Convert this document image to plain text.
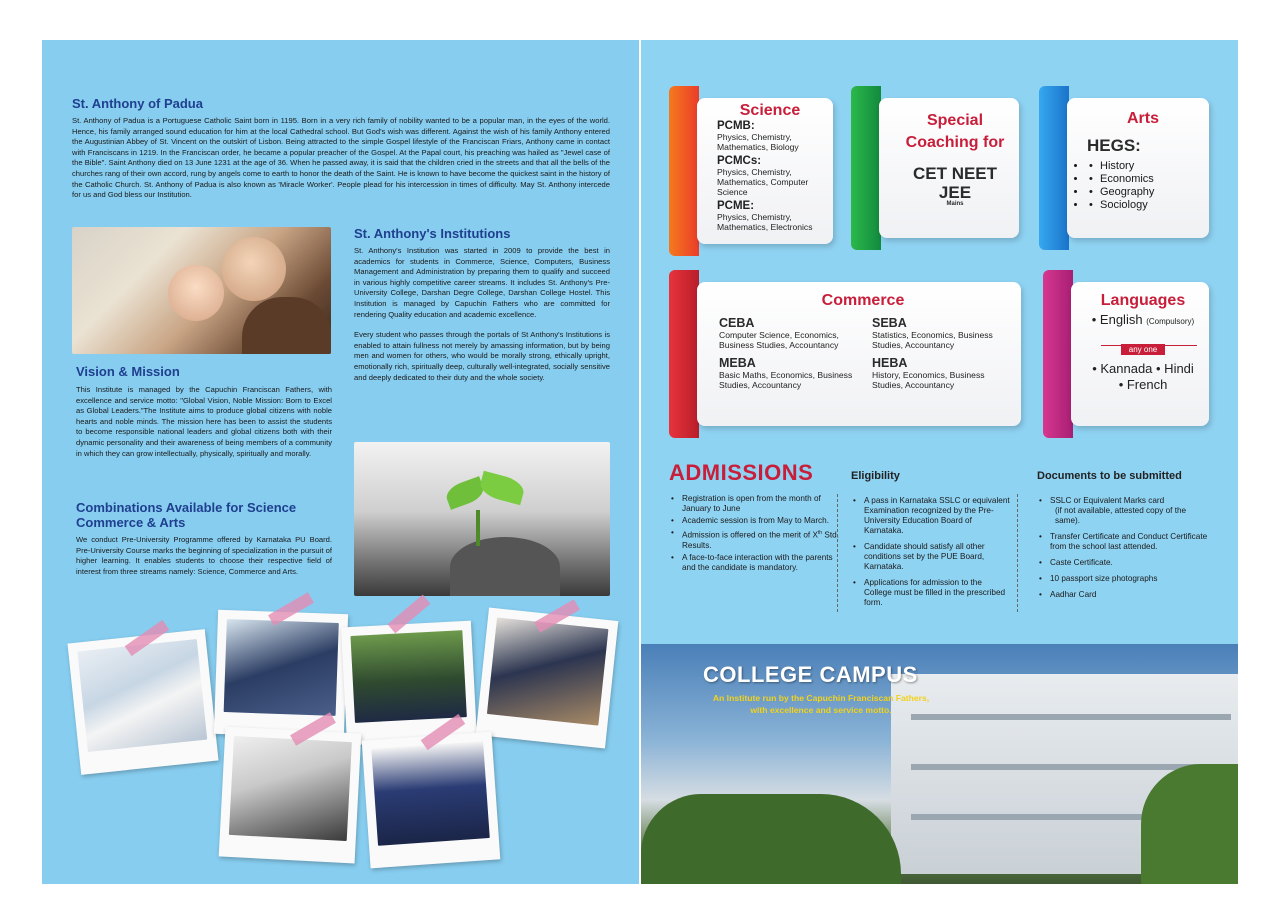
St. Anthony of Padua
St. Anthony of Padua is a Portuguese Catholic Saint born in 1195. Born in a very rich family of nobility wanted to be a popular man, in the eyes of the world. Hence, his family arranged sound education for him at the local Cathedral school. But God's wish was different. Against the wish of his family Anthony entered the Augustinian Abbey of St. Vincent on the outskirt of Lisbon. Being attracted to the simple Gospel lifestyle of the Franciscan Friars, Anthony came in contact with Franciscans in 1219. In the Franciscan order, he became a popular preacher of the Gospel. At the Papal court, his preaching was hailed as "Jewel case of the Bible". Saint Anthony died on 13 June 1231 at the age of 36. When he passed away, it is said that the children cried in the streets and that all the bells of the churches rang of their own accord, rung by angels come to earth to honor the death of the Saint. He is known to have become the quickest saint in the history of the Catholic Church. St. Anthony of Padua is also known as 'Miracle Worker'. People plead for his intercession in times of difficulty. May St. Anthony intercede for us and God bless our Institution.
St. Anthony's Institutions
St. Anthony's Institution was started in 2009 to provide the best in academics for students in Commerce, Science, Computers, Business Management and Administration by preparing them to qualify and succeed in various highly competitive career streams. It includes St. Anthony's Pre-University College, Darshan Degre College, Darshan College Hostel. This Institution is managed by Capuchin Fathers who are committed for rendering Quality education and academic excellence.
Every student who passes through the portals of St Anthony's Institutions is enabled to attain fullness not merely by amassing information, but by being men and women for others, who would be morally strong, ethically upright, emotionally rich, spiritually deep, culturally well-integrated, socially sensitive and deeply dedicated to their duty and the whole society.
Vision & Mission
This Institute is managed by the Capuchin Franciscan Fathers, with excellence and service motto: "Global Vision, Noble Mission: Born to Excel as Global Leaders."The Institute aims to produce global citizens with noble hearts and noble minds. The mission here has been to assist the students to become responsible national leaders and global citizens both with their dynamic personality and their awareness of being members of a community in which they can grow intellectually, physically, spiritually and morally.
Combinations Available for Science Commerce & Arts
We conduct Pre-University Programme offered by Karnataka PU Board. Pre-University Course marks the beginning of specialization in the pursuit of higher learning. It enables students to choose their respective field of interest from three streams namely: Science, Commerce and Arts.
Science
PCMB:
Physics, Chemistry, Mathematics, Biology
PCMCs:
Physics, Chemistry, Mathematics, Computer Science
PCME:
Physics, Chemistry, Mathematics, Electronics
Special Coaching for
CET NEET
JEE
Mains
Arts
HEGS:
• • History
• • Economics
• • Geography
• • Sociology
Commerce
CEBA
Computer Science, Economics, Business Studies, Accountancy
SEBA
Statistics, Economics, Business Studies, Accountancy
MEBA
Basic Maths, Economics, Business Studies, Accountancy
HEBA
History, Economics, Business Studies, Accountancy
Languages
• English (Compulsory)
any one
• Kannada • Hindi
• French
ADMISSIONS
• Registration is open from the month of January to June
• Academic session is from May to March.
• Admission is offered on the merit of Xth Std. Results.
• A face-to-face interaction with the parents and the candidate is mandatory.
Eligibility
• A pass in Karnataka SSLC or equivalent Examination recognized by the Pre-University Education Board of Karnataka.
• Candidate should satisfy all other conditions set by the PUE Board, Karnataka.
• Applications for admission to the College must be filled in the prescribed form.
Documents to be submitted
• SSLC or Equivalent Marks card
(if not available, attested copy of the same).
• Transfer Certificate and Conduct Certificate from the school last attended.
• Caste Certificate.
• 10 passport size photographs
• Aadhar Card
COLLEGE CAMPUS
An Institute run by the Capuchin Franciscan Fathers,
with excellence and service motto.
